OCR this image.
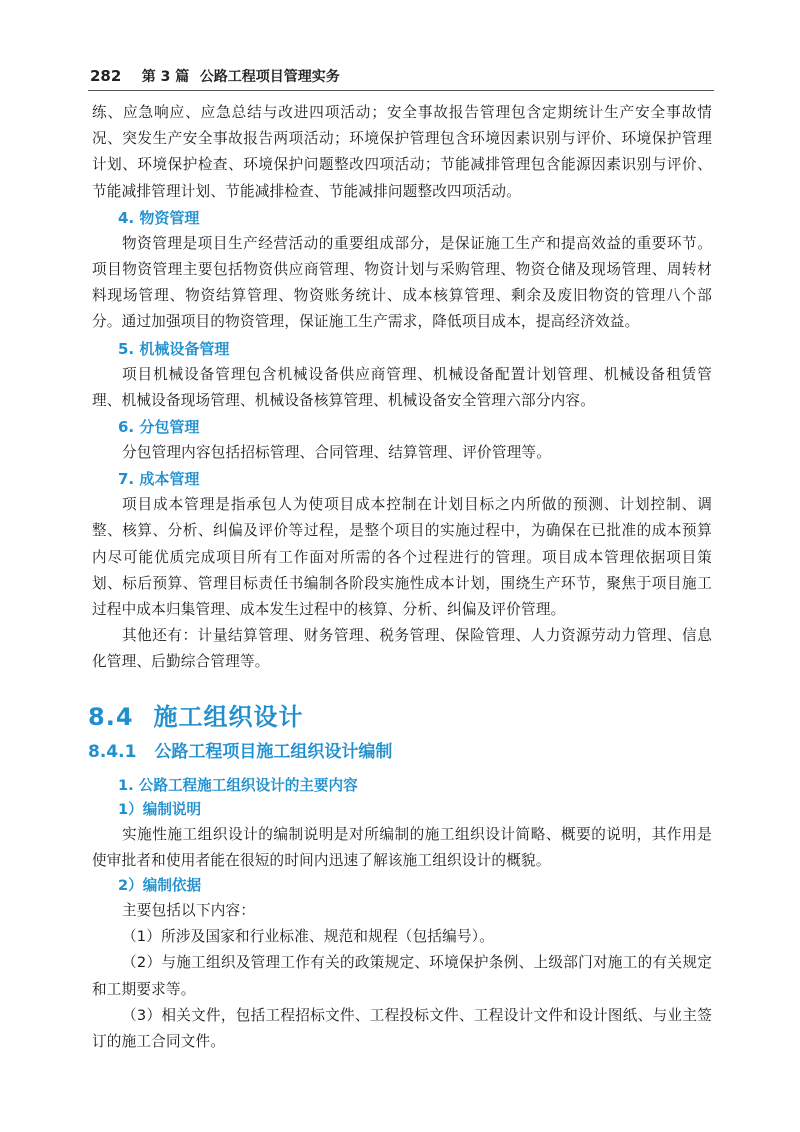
282 第 3 篇 公路工程项目管理实务

练、应急响应、应急总结与改进四项活动；安全事故报告管理包含定期统计生产安全事故情况、突发生产安全事故报告两项活动；环境保护管理包含环境因素识别与评价、环境保护管理计划、环境保护检查、环境保护问题整改四项活动；节能减排管理包含能源因素识别与评价、节能减排管理计划、节能减排检查、节能减排问题整改四项活动。

4. 物资管理

物资管理是项目生产经营活动的重要组成部分，是保证施工生产和提高效益的重要环节。项目物资管理主要包括物资供应商管理、物资计划与采购管理、物资仓储及现场管理、周转材料现场管理、物资结算管理、物资账务统计、成本核算管理、剩余及废旧物资的管理八个部分。通过加强项目的物资管理，保证施工生产需求，降低项目成本，提高经济效益。

5. 机械设备管理

项目机械设备管理包含机械设备供应商管理、机械设备配置计划管理、机械设备租赁管理、机械设备现场管理、机械设备核算管理、机械设备安全管理六部分内容。

6. 分包管理

分包管理内容包括招标管理、合同管理、结算管理、评价管理等。

7. 成本管理

项目成本管理是指承包人为使项目成本控制在计划目标之内所做的预测、计划控制、调整、核算、分析、纠偏及评价等过程，是整个项目的实施过程中，为确保在已批准的成本预算内尽可能优质完成项目所有工作面对所需的各个过程进行的管理。项目成本管理依据项目策划、标后预算、管理目标责任书编制各阶段实施性成本计划，围绕生产环节，聚焦于项目施工过程中成本归集管理、成本发生过程中的核算、分析、纠偏及评价管理。

其他还有：计量结算管理、财务管理、税务管理、保险管理、人力资源劳动力管理、信息化管理、后勤综合管理等。

8.4 施工组织设计
8.4.1 公路工程项目施工组织设计编制
1. 公路工程施工组织设计的主要内容
1）编制说明

实施性施工组织设计的编制说明是对所编制的施工组织设计简略、概要的说明，其作用是使审批者和使用者能在很短的时间内迅速了解该施工组织设计的概貌。

2）编制依据

主要包括以下内容：

（1）所涉及国家和行业标准、规范和规程（包括编号）。

（2）与施工组织及管理工作有关的政策规定、环境保护条例、上级部门对施工的有关规定和工期要求等。

（3）相关文件，包括工程招标文件、工程投标文件、工程设计文件和设计图纸、与业主签订的施工合同文件。
